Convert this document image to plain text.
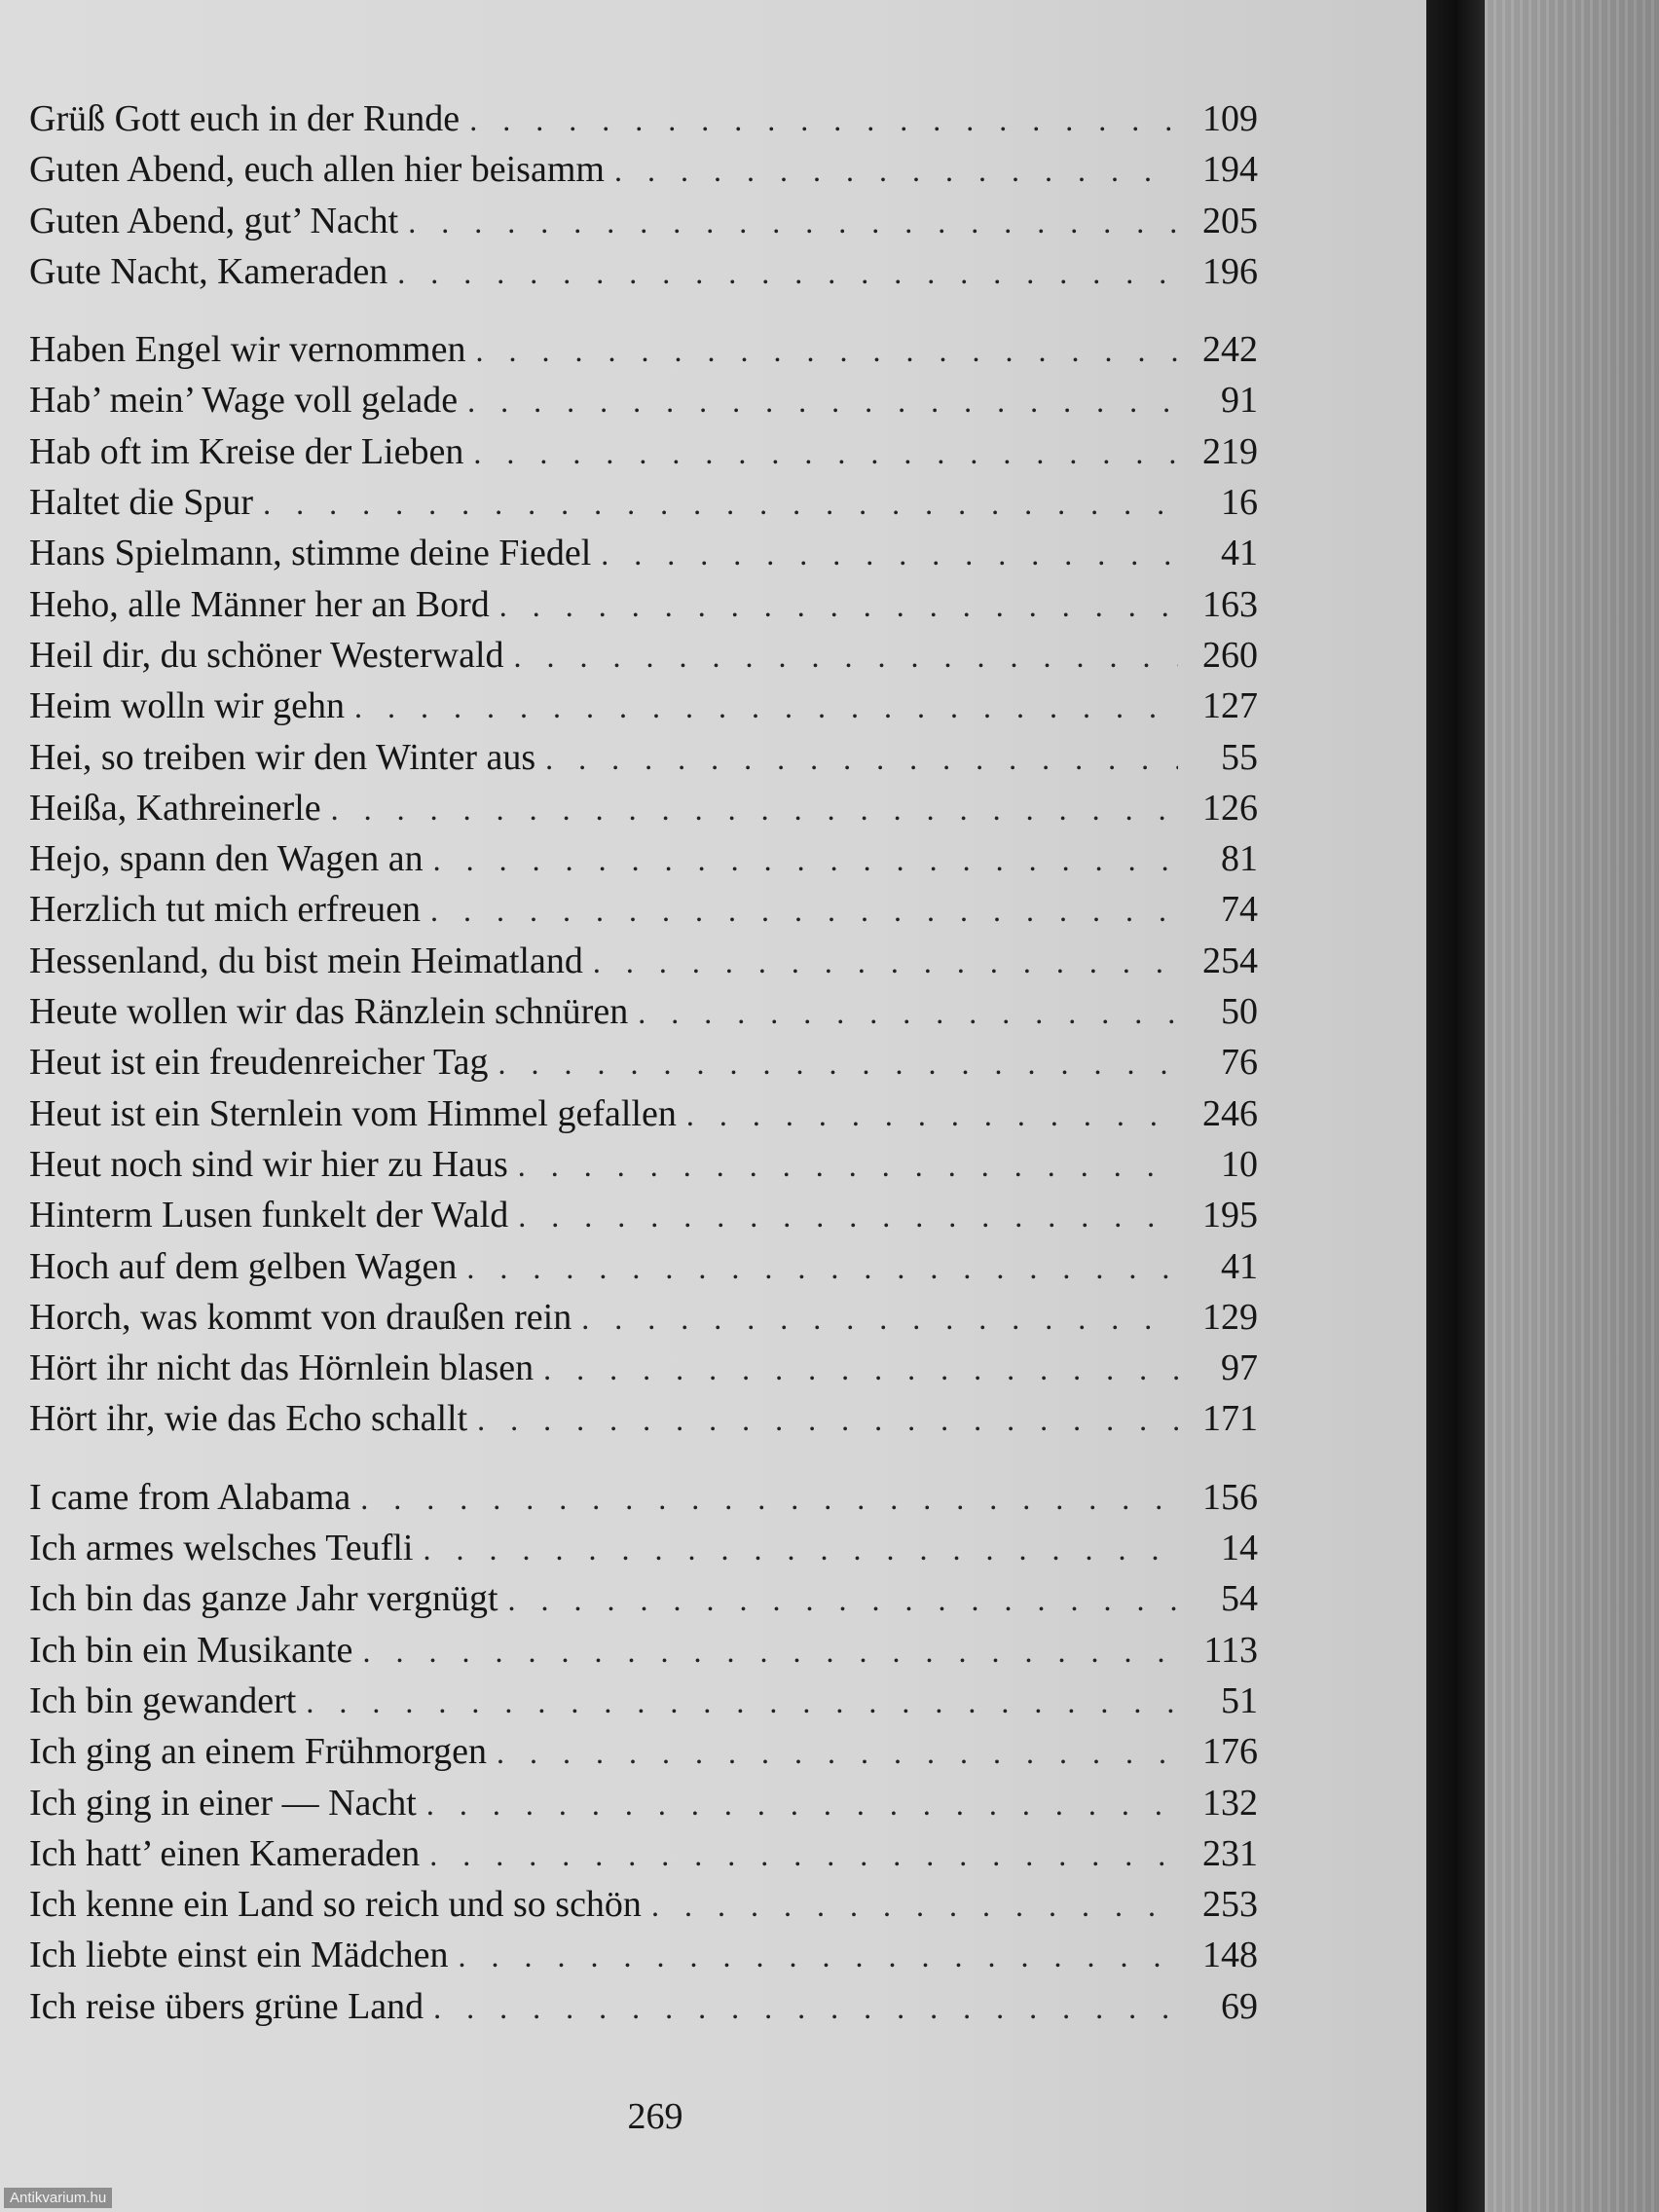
Grüß Gott euch in der Runde . . .	109
Guten Abend, euch allen hier beisamm . . .	194
Guten Abend, gut’ Nacht . . .	205
Gute Nacht, Kameraden . . .	196
Haben Engel wir vernommen . . .	242
Hab’ mein’ Wage voll gelade . . .	91
Hab oft im Kreise der Lieben . . .	219
Haltet die Spur . . .	16
Hans Spielmann, stimme deine Fiedel . . .	41
Heho, alle Männer her an Bord . . .	163
Heil dir, du schöner Westerwald . . .	260
Heim wolln wir gehn . . .	127
Hei, so treiben wir den Winter aus . . .	55
Heißa, Kathreinerle . . .	126
Hejo, spann den Wagen an . . .	81
Herzlich tut mich erfreuen . . .	74
Hessenland, du bist mein Heimatland . . .	254
Heute wollen wir das Ränzlein schnüren . . .	50
Heut ist ein freudenreicher Tag . . .	76
Heut ist ein Sternlein vom Himmel gefallen . . .	246
Heut noch sind wir hier zu Haus . . .	10
Hinterm Lusen funkelt der Wald . . .	195
Hoch auf dem gelben Wagen . . .	41
Horch, was kommt von draußen rein . . .	129
Hört ihr nicht das Hörnlein blasen . . .	97
Hört ihr, wie das Echo schallt . . .	171
I came from Alabama . . .	156
Ich armes welsches Teufli . . .	14
Ich bin das ganze Jahr vergnügt . . .	54
Ich bin ein Musikante . . .	113
Ich bin gewandert . . .	51
Ich ging an einem Frühmorgen . . .	176
Ich ging in einer — Nacht . . .	132
Ich hatt’ einen Kameraden . . .	231
Ich kenne ein Land so reich und so schön . . .	253
Ich liebte einst ein Mädchen . . .	148
Ich reise übers grüne Land . . .	69
269
Antikvarium.hu
